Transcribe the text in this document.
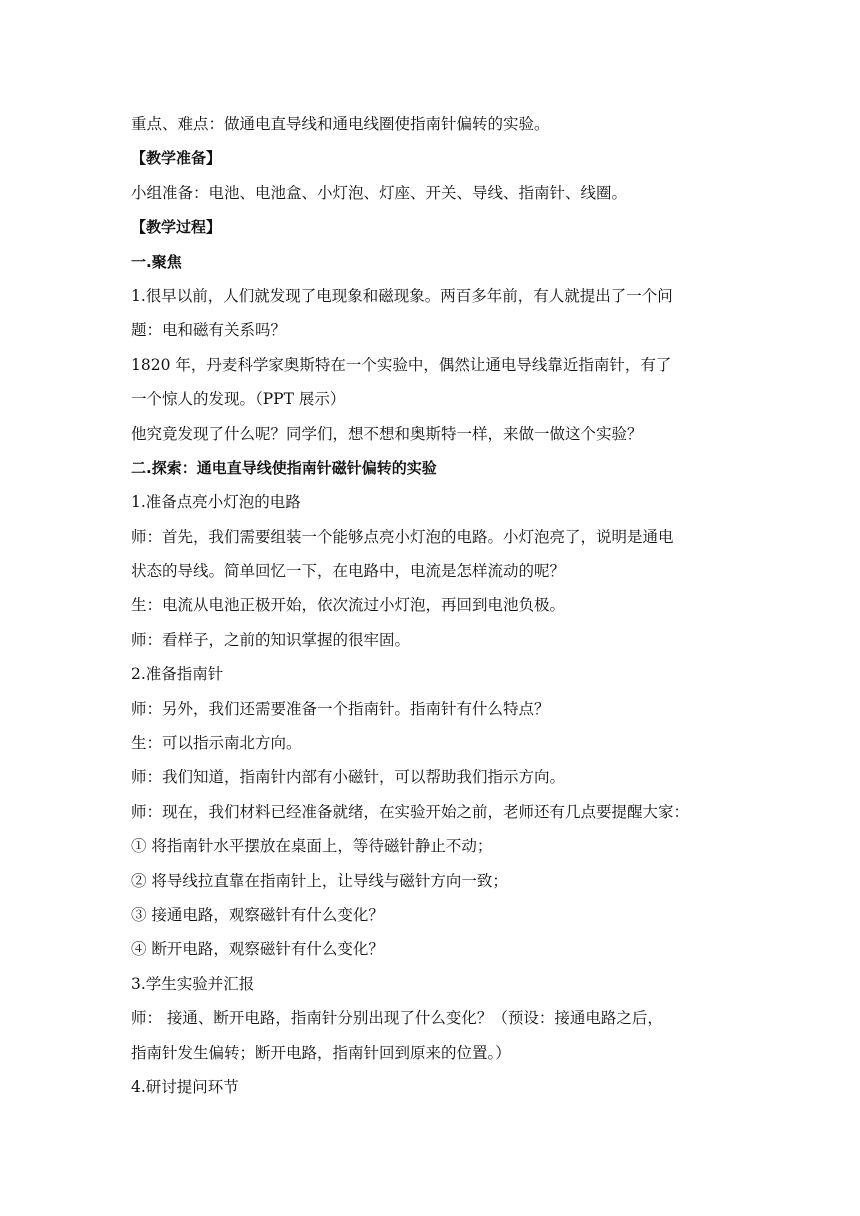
重点、难点：做通电直导线和通电线圈使指南针偏转的实验。
【教学准备】
小组准备：电池、电池盒、小灯泡、灯座、开关、导线、指南针、线圈。
【教学过程】
一.聚焦
1.很早以前，人们就发现了电现象和磁现象。两百多年前，有人就提出了一个问
题：电和磁有关系吗？
1820 年，丹麦科学家奥斯特在一个实验中，偶然让通电导线靠近指南针，有了
一个惊人的发现。（PPT 展示）
他究竟发现了什么呢？同学们，想不想和奥斯特一样，来做一做这个实验？
二.探索：通电直导线使指南针磁针偏转的实验
1.准备点亮小灯泡的电路
师：首先，我们需要组装一个能够点亮小灯泡的电路。小灯泡亮了，说明是通电
状态的导线。简单回忆一下，在电路中，电流是怎样流动的呢？
生：电流从电池正极开始，依次流过小灯泡，再回到电池负极。
师：看样子，之前的知识掌握的很牢固。
2.准备指南针
师：另外，我们还需要准备一个指南针。指南针有什么特点？
生：可以指示南北方向。
师：我们知道，指南针内部有小磁针，可以帮助我们指示方向。
师：现在，我们材料已经准备就绪，在实验开始之前，老师还有几点要提醒大家：
① 将指南针水平摆放在桌面上，等待磁针静止不动；
② 将导线拉直靠在指南针上，让导线与磁针方向一致；
③ 接通电路，观察磁针有什么变化？
④ 断开电路，观察磁针有什么变化？
3.学生实验并汇报
师： 接通、断开电路，指南针分别出现了什么变化？（预设：接通电路之后，
指南针发生偏转；断开电路，指南针回到原来的位置。）
4.研讨提问环节
